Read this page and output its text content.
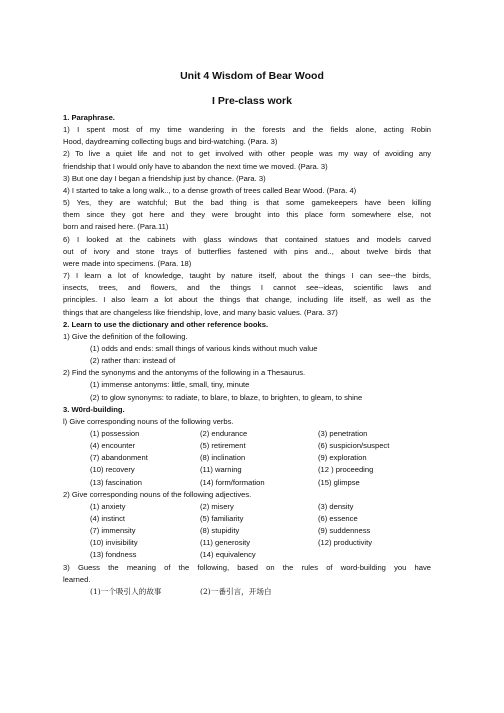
Unit 4 Wisdom of Bear Wood
I Pre-class work

1. Paraphrase.

1) I spent most of my time wandering in the forests and the fields alone, acting Robin

Hood, daydreaming collecting bugs and bird-watching. (Para. 3)

2) To live a quiet life and not to get involved with other people was my way of avoiding any

friendship that I would only have to abandon the next time we moved. (Para. 3)

3) But one day I began a friendship just by chance. (Para. 3)

4) I started to take a long walk.., to a dense growth of trees called Bear Wood. (Para. 4)

5) Yes, they are watchful; But the bad thing is that some gamekeepers have been killing

them since they got here and they were brought into this place form somewhere else, not

born and raised here. (Para.11)

6) I looked at the cabinets with glass windows that contained statues and models carved

out of ivory and stone trays of butterflies fastened with pins and.., about twelve birds that

were made into specimens. (Para. 18)

7) I learn a lot of knowledge, taught by nature itself, about the things I can see--the birds,

insects, trees, and flowers, and the things I cannot see--ideas, scientific laws and

principles. I also learn a lot about the things that change, including life itself, as well as the

things that are changeless like friendship, love, and many basic values. (Para. 37)

2. Learn to use the dictionary and other reference books.

1) Give the definition of the following.

(1) odds and ends: small things of various kinds without much value

(2) rather than: instead of

2) Find the synonyms and the antonyms of the following in a Thesaurus.

(1) immense antonyms: little, small, tiny, minute

(2) to glow synonyms: to radiate, to blare, to blaze, to brighten, to gleam, to shine

3. W0rd-building.

l) Give corresponding nouns of the following verbs.

(1) possession	(2) endurance	(3) penetration
(4) encounter	(5) retirement	(6) suspicion/suspect
(7) abandonment	(8) inclination	(9) exploration
(10) recovery	(11) warning	(12 ) proceeding
(13) fascination	(14) form/formation	(15) glimpse

2) Give corresponding nouns of the following adjectives.

(1) anxiety	(2) misery	(3) density
(4) instinct	(5) familiarity	(6) essence
(7) immensity	(8) stupidity	(9) suddenness
(10) invisibility	(11) generosity	(12) productivity
(13) fondness	(14) equivalency

3) Guess the meaning of the following, based on the rules of word-building you have

learned.

(1)一个吸引人的故事	(2)一番引言，开场白
